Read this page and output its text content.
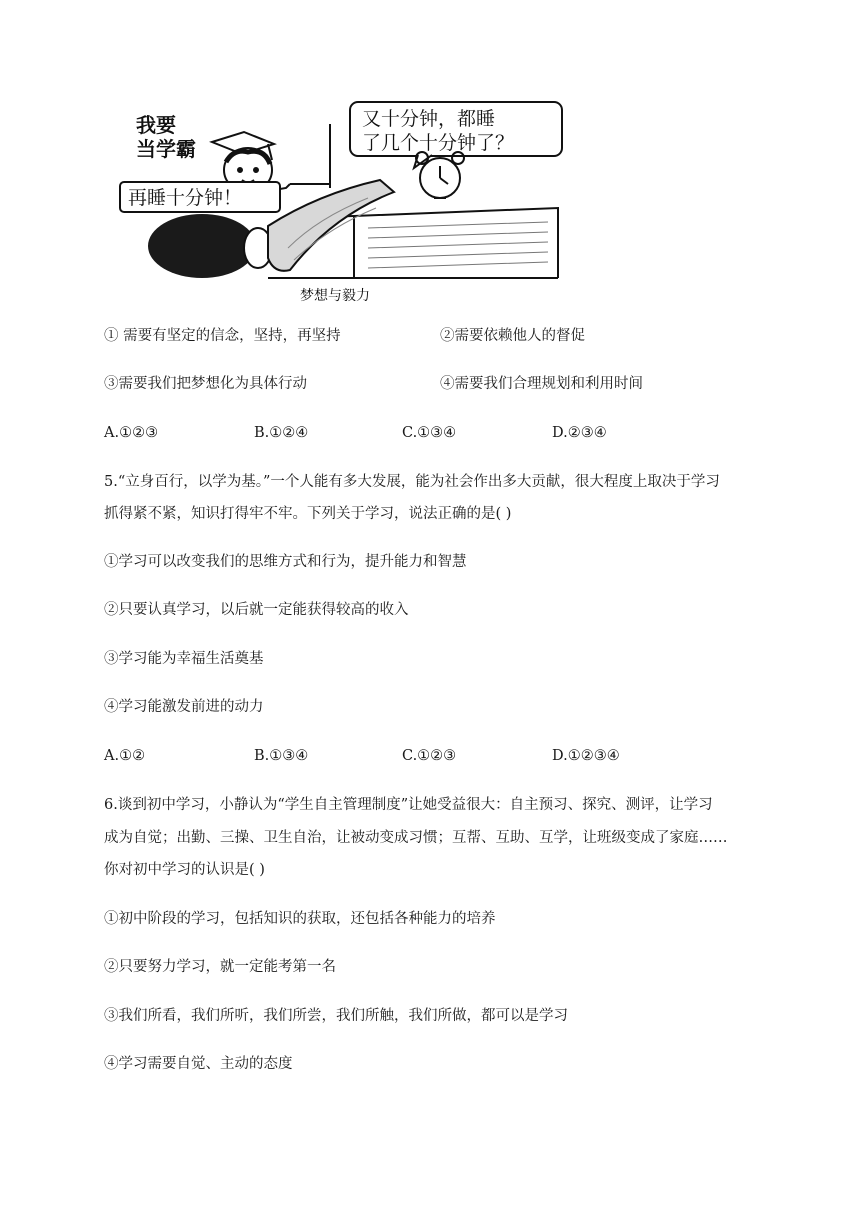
我要
当学霸
又十分钟，都睡
了几个十分钟了？
再睡十分钟！
梦想与毅力
① 需要有坚定的信念，坚持，再坚持	②需要依赖他人的督促
③需要我们把梦想化为具体行动	④需要我们合理规划和利用时间
A.①②③	B.①②④	C.①③④	D.②③④
5.“立身百行，以学为基。”一个人能有多大发展，能为社会作出多大贡献，很大程度上取决于学习
抓得紧不紧，知识打得牢不牢。下列关于学习，说法正确的是( )
①学习可以改变我们的思维方式和行为，提升能力和智慧
②只要认真学习，以后就一定能获得较高的收入
③学习能为幸福生活奠基
④学习能激发前进的动力
A.①②	B.①③④	C.①②③	D.①②③④
6.谈到初中学习，小静认为“学生自主管理制度”让她受益很大：自主预习、探究、测评，让学习
成为自觉；出勤、三操、卫生自治，让被动变成习惯；互帮、互助、互学，让班级变成了家庭……
你对初中学习的认识是( )
①初中阶段的学习，包括知识的获取，还包括各种能力的培养
②只要努力学习，就一定能考第一名
③我们所看，我们所听，我们所尝，我们所触，我们所做，都可以是学习
④学习需要自觉、主动的态度
